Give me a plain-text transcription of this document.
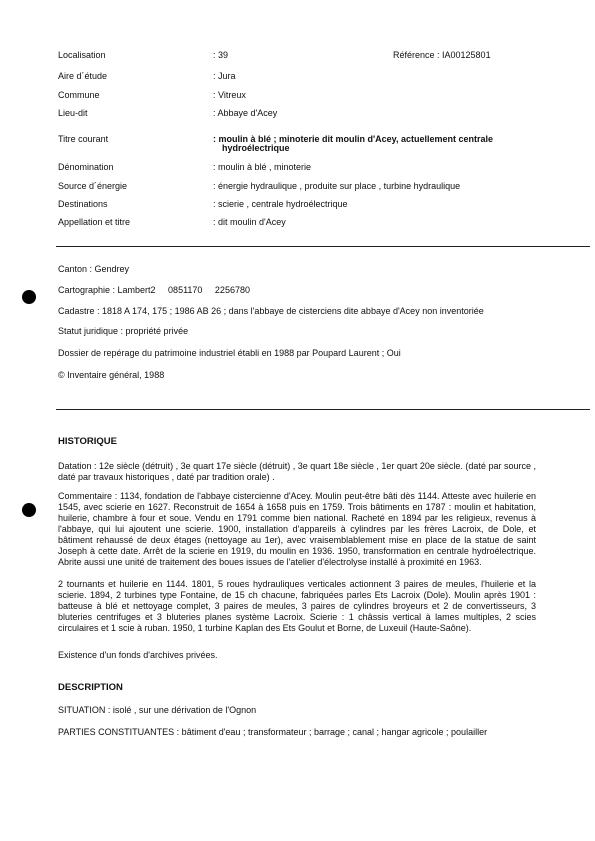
Localisation	: 39	Référence : IA00125801
Aire d´étude	: Jura
Commune	: Vitreux
Lieu-dit	: Abbaye d'Acey
Titre courant	: moulin à blé ; minoterie dit moulin d'Acey, actuellement centrale
hydroélectrique
Dénomination	: moulin à blé , minoterie
Source d´énergie	: énergie hydraulique , produite sur place , turbine hydraulique
Destinations	: scierie , centrale hydroélectrique
Appellation et titre	: dit moulin d'Acey
Canton : Gendrey
Cartographie : Lambert2     0851170     2256780
Cadastre : 1818 A 174, 175 ; 1986 AB 26 ; dans l'abbaye de cisterciens dite abbaye d'Acey non inventoriée
Statut juridique : propriété privée
Dossier de repérage du patrimoine industriel établi en 1988 par Poupard Laurent ; Oui
© Inventaire général, 1988
HISTORIQUE
Datation : 12e siècle (détruit) , 3e quart 17e siècle (détruit) , 3e quart 18e siècle , 1er quart 20e siècle. (daté par source , daté par travaux historiques , daté par tradition orale) .
Commentaire : 1134, fondation de l'abbaye cistercienne d'Acey. Moulin peut-être bâti dès 1144. Atteste avec huilerie en 1545, avec scierie en 1627. Reconstruit de 1654 à 1658 puis en 1759. Trois bâtiments en 1787 : moulin et habitation, huilerie, chambre à four et soue. Vendu en 1791 comme bien national. Racheté en 1894 par les religieux, revenus à l'abbaye, qui lui ajoutent une scierie. 1900, installation d'appareils à cylindres par les frères Lacroix, de Dole, et bâtiment rehaussé de deux étages (nettoyage au 1er), avec vraisemblablement mise en place de la statue de saint Joseph à cette date. Arrêt de la scierie en 1919, du moulin en 1936. 1950, transformation en centrale hydroélectrique. Abrite aussi une unité de traitement des boues issues de l'atelier d'électrolyse installé à proximité en 1963.
2 tournants et huilerie en 1144. 1801, 5 roues hydrauliques verticales actionnent 3 paires de meules, l'huilerie et la scierie. 1894, 2 turbines type Fontaine, de 15 ch chacune, fabriquées parles Ets Lacroix (Dole). Moulin après 1901 : batteuse à blé et nettoyage complet, 3 paires de meules, 3 paires de cylindres broyeurs et 2 de convertisseurs, 3 bluteries centrifuges et 3 bluteries planes système Lacroix. Scierie : 1 châssis vertical à lames multiples, 2 scies circulaires et 1 scie à ruban. 1950, 1 turbine Kaplan des Ets Goulut et Borne, de Luxeuil (Haute-Saône).
Existence d'un fonds d'archives privées.
DESCRIPTION
SITUATION : isolé , sur une dérivation de l'Ognon
PARTIES CONSTITUANTES : bâtiment d'eau ; transformateur ; barrage ; canal ; hangar agricole ; poulailler
